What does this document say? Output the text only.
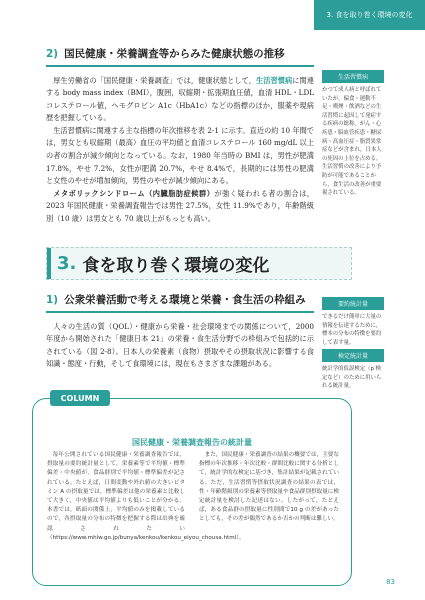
3. 食を取り巻く環境の変化
2) 国民健康・栄養調査等からみた健康状態の推移

厚生労働省の「国民健康・栄養調査」では，健康状態として，生活習慣病に関連する body mass index（BMI），腹囲，収縮期・拡張期血圧値，血清 HDL・LDL コレステロール値，ヘモグロビン A1c（HbA1c）などの指標のほか，服薬や現病歴を把握している。

生活習慣病に関連する主な指標の年次推移を表 2-1 に示す。直近の約 10 年間では，男女とも収縮期（最高）血圧の平均値と血清コレステロール 160 mg/dL 以上の者の割合が減少傾向となっている。なお，1980 年当時の BMI は，男性が肥満 17.8%，やせ 7.2%，女性が肥満 20.7%，やせ 8.4%で，長期的には男性の肥満と女性のやせが増加傾向，男性のやせが減少傾向にある。

メタボリックシンドローム（内臓脂肪症候群）が強く疑われる者の割合は，2023 年国民健康・栄養調査報告では男性 27.5%，女性 11.9%であり，年齢階級別（10 歳）は男女とも 70 歳以上がもっとも高い。

3. 食を取り巻く環境の変化
1) 公衆栄養活動で考える環境と栄養・食生活の枠組み

人々の生活の質（QOL）・健康から栄養・社会環境までの関係について，2000 年度から開始された「健康日本 21」の栄養・食生活分野での枠組みで包括的に示されている（図 2-8）。日本人の栄養素（食物）摂取やその摂取状況に影響する食知識・態度・行動，そして食環境には，現在もさまざまな課題がある。

生活習慣病
かつて成人病と呼ばれていたが，偏食・運動不足・喫煙・飲酒などの生活習慣に起因して発症する疾病の総称。がん・心疾患・脳血管疾患・糖尿病・高血圧症・脂質異常症などが含まれ，日本人の死因の上位を占める。生活習慣の改善により予防が可能であることから，食生活の改善が重要視されている。
要約統計量
できるだけ簡単に大量の情報を伝達するために，標本の分布の特徴を要約して表す量。
検定統計量
統計学的仮説検定（p 検定など）のために用いられる統計量。
国民健康・栄養調査報告の統計量
毎年公開されている国民健康・栄養調査報告では，摂取量の要約統計量として，栄養素等で平均値・標準偏差・中央値が，食品群別で平均値・標準偏差が記されている。たとえば，日間変動や外れ値の大きいビタミン A の摂取量では，標準偏差は他の栄養素と比較して大きく，中央値は平均値よりも低いことが分かる。本書では，紙面の関係上，平均値のみを掲載しているので，各摂取量の分布の特徴を把握する際は出典を確認されたい（https://www.mhlw.go.jp/bunya/kenkou/kenkou_eiyou_chousa.html）。
また，国民健康・栄養調査の結果の概要では，主要な指標の年次推移・年次比較・群間比較に関する分析として，統計学的な検定に基づき，集計結果が記載されている。ただ，生活習慣等摂取状況調査の結果の表では，性・年齢階級別の栄養素等摂取量や食品群別摂取量に検定統計量を検討した記述はない。したがって，たとえば，ある食品群の摂取量に性別間で10 g の差があったとしても，その差が偶然であるか否かの判断は難しい。
COLUMN
83
